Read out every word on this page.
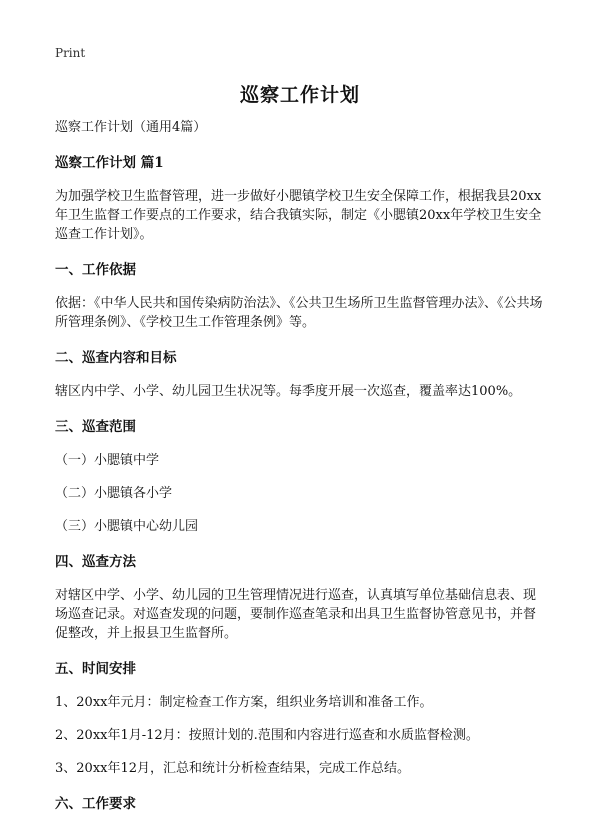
Print
巡察工作计划

巡察工作计划（通用4篇）

巡察工作计划 篇1

为加强学校卫生监督管理，进一步做好小腮镇学校卫生安全保障工作，根据我县20xx年卫生监督工作要点的工作要求，结合我镇实际，制定《小腮镇20xx年学校卫生安全巡查工作计划》。

一、工作依据

依据：《中华人民共和国传染病防治法》、《公共卫生场所卫生监督管理办法》、《公共场所管理条例》、《学校卫生工作管理条例》等。

二、巡查内容和目标

辖区内中学、小学、幼儿园卫生状况等。每季度开展一次巡查，覆盖率达100%。

三、巡查范围

（一）小腮镇中学

（二）小腮镇各小学

（三）小腮镇中心幼儿园

四、巡查方法

对辖区中学、小学、幼儿园的卫生管理情况进行巡查，认真填写单位基础信息表、现场巡查记录。对巡查发现的问题，要制作巡查笔录和出具卫生监督协管意见书，并督促整改，并上报县卫生监督所。

五、时间安排

1、20xx年元月：制定检查工作方案，组织业务培训和准备工作。

2、20xx年1月-12月：按照计划的.范围和内容进行巡查和水质监督检测。

3、20xx年12月，汇总和统计分析检查结果，完成工作总结。

六、工作要求
